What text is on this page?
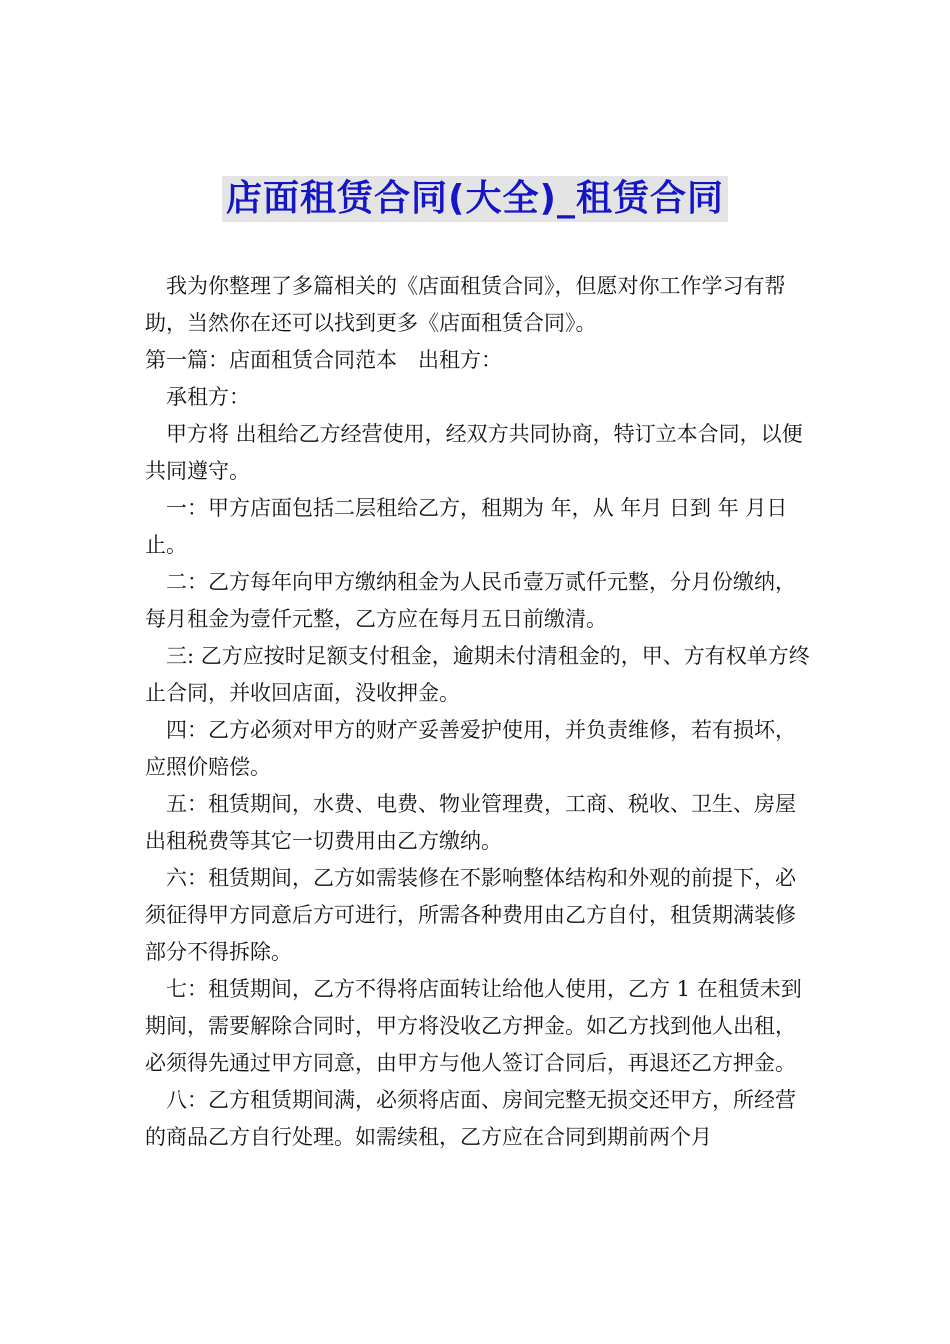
店面租赁合同(大全)_租赁合同

我为你整理了多篇相关的《店面租赁合同》，但愿对你工作学习有帮助，当然你在还可以找到更多《店面租赁合同》。

第一篇：店面租赁合同范本　出租方：

承租方：

甲方将 出租给乙方经营使用，经双方共同协商，特订立本合同，以便共同遵守。

一：甲方店面包括二层租给乙方，租期为 年，从 年月 日到 年 月日止。

二：乙方每年向甲方缴纳租金为人民币壹万贰仟元整，分月份缴纳，每月租金为壹仟元整，乙方应在每月五日前缴清。

三: 乙方应按时足额支付租金，逾期未付清租金的，甲、方有权单方终止合同，并收回店面，没收押金。

四：乙方必须对甲方的财产妥善爱护使用，并负责维修，若有损坏，应照价赔偿。

五：租赁期间，水费、电费、物业管理费，工商、税收、卫生、房屋出租税费等其它一切费用由乙方缴纳。

六：租赁期间，乙方如需装修在不影响整体结构和外观的前提下，必须征得甲方同意后方可进行，所需各种费用由乙方自付，租赁期满装修部分不得拆除。

七：租赁期间，乙方不得将店面转让给他人使用，乙方 1 在租赁未到期间，需要解除合同时，甲方将没收乙方押金。如乙方找到他人出租，必须得先通过甲方同意，由甲方与他人签订合同后，再退还乙方押金。

八：乙方租赁期间满，必须将店面、房间完整无损交还甲方，所经营的商品乙方自行处理。如需续租，乙方应在合同到期前两个月
